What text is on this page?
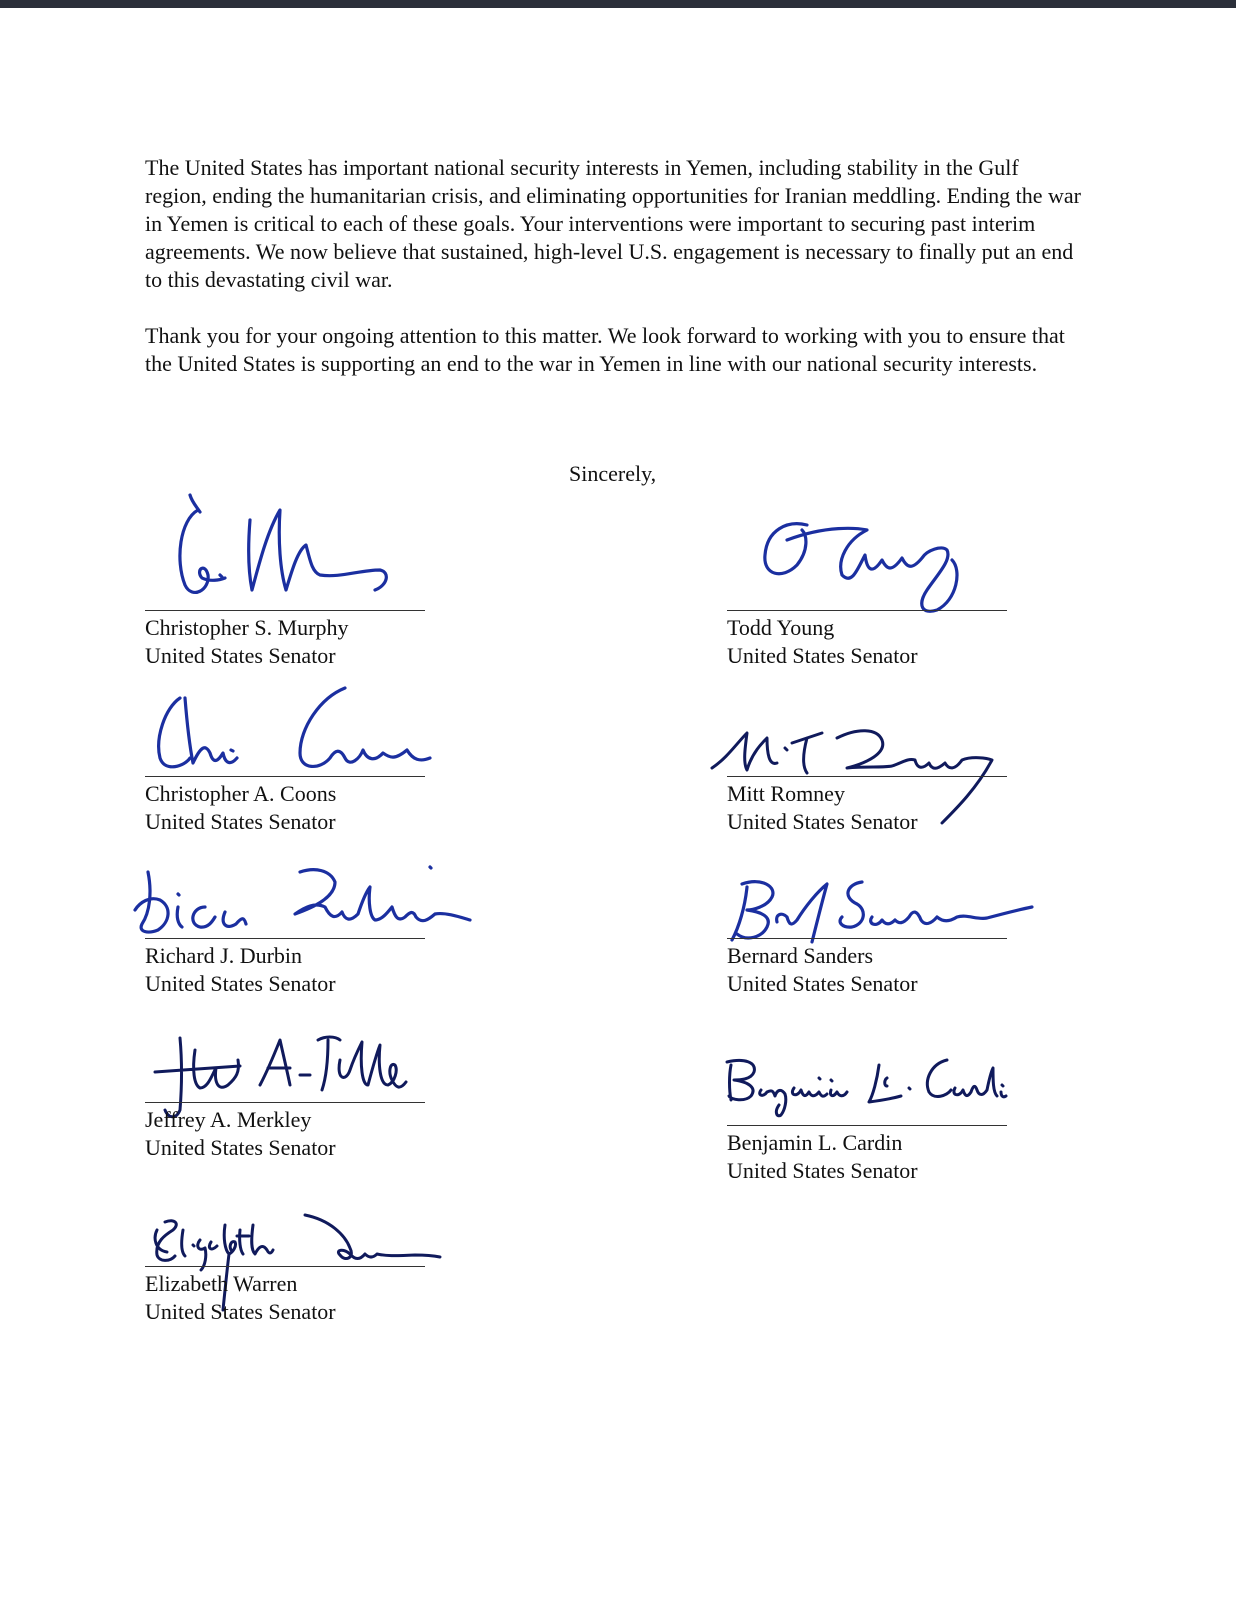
The United States has important national security interests in Yemen, including stability in the Gulf region, ending the humanitarian crisis, and eliminating opportunities for Iranian meddling. Ending the war in Yemen is critical to each of these goals. Your interventions were important to securing past interim agreements. We now believe that sustained, high-level U.S. engagement is necessary to finally put an end to this devastating civil war.

Thank you for your ongoing attention to this matter. We look forward to working with you to ensure that the United States is supporting an end to the war in Yemen in line with our national security interests.

Sincerely,
Christopher S. Murphy
United States Senator
Todd Young
United States Senator
Christopher A. Coons
United States Senator
Mitt Romney
United States Senator
Richard J. Durbin
United States Senator
Bernard Sanders
United States Senator
Jeffrey A. Merkley
United States Senator	Benjamin L. Cardin
United States Senator
Elizabeth Warren
United States Senator
